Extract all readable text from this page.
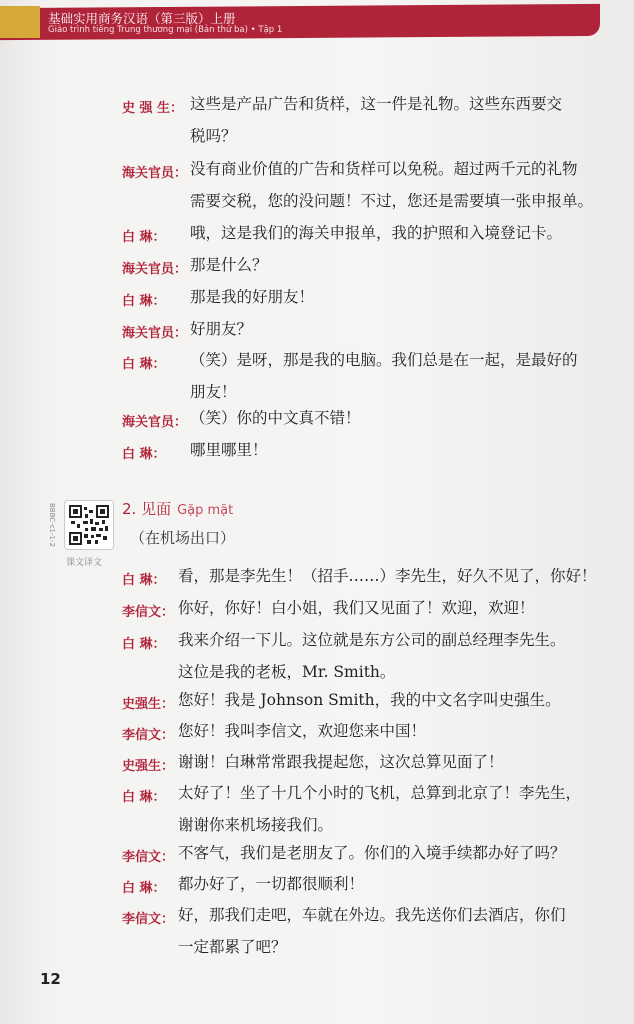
基础实用商务汉语（第三版）上册
Giáo trình tiếng Trung thương mại (Bản thứ ba) • Tập 1
史 强 生： 这些是产品广告和货样，这一件是礼物。这些东西要交
税吗？
海关官员： 没有商业价值的广告和货样可以免税。超过两千元的礼物
需要交税，您的没问题！不过，您还是需要填一张申报单。
白 琳：	哦，这是我们的海关申报单，我的护照和入境登记卡。
海关官员： 那是什么？
白 琳：	那是我的好朋友！
海关官员： 好朋友？
白 琳：	（笑）是呀，那是我的电脑。我们总是在一起，是最好的
朋友！
海关官员： （笑）你的中文真不错！
白 琳：	哪里哪里！
BBBC-c1-1-2
课文译文
2. 见面 Gặp mặt
（在机场出口）
白 琳： 看，那是李先生！（招手……）李先生，好久不见了，你好！
李信文： 你好，你好！白小姐，我们又见面了！欢迎，欢迎！
白 琳： 我来介绍一下儿。这位就是东方公司的副总经理李先生。
这位是我的老板，Mr. Smith。
史强生： 您好！我是 Johnson Smith，我的中文名字叫史强生。
李信文： 您好！我叫李信文，欢迎您来中国！
史强生： 谢谢！白琳常常跟我提起您，这次总算见面了！
白 琳： 太好了！坐了十几个小时的飞机，总算到北京了！李先生，
谢谢你来机场接我们。
李信文： 不客气，我们是老朋友了。你们的入境手续都办好了吗？
白 琳： 都办好了，一切都很顺利！
李信文： 好，那我们走吧，车就在外边。我先送你们去酒店，你们
一定都累了吧？
12
